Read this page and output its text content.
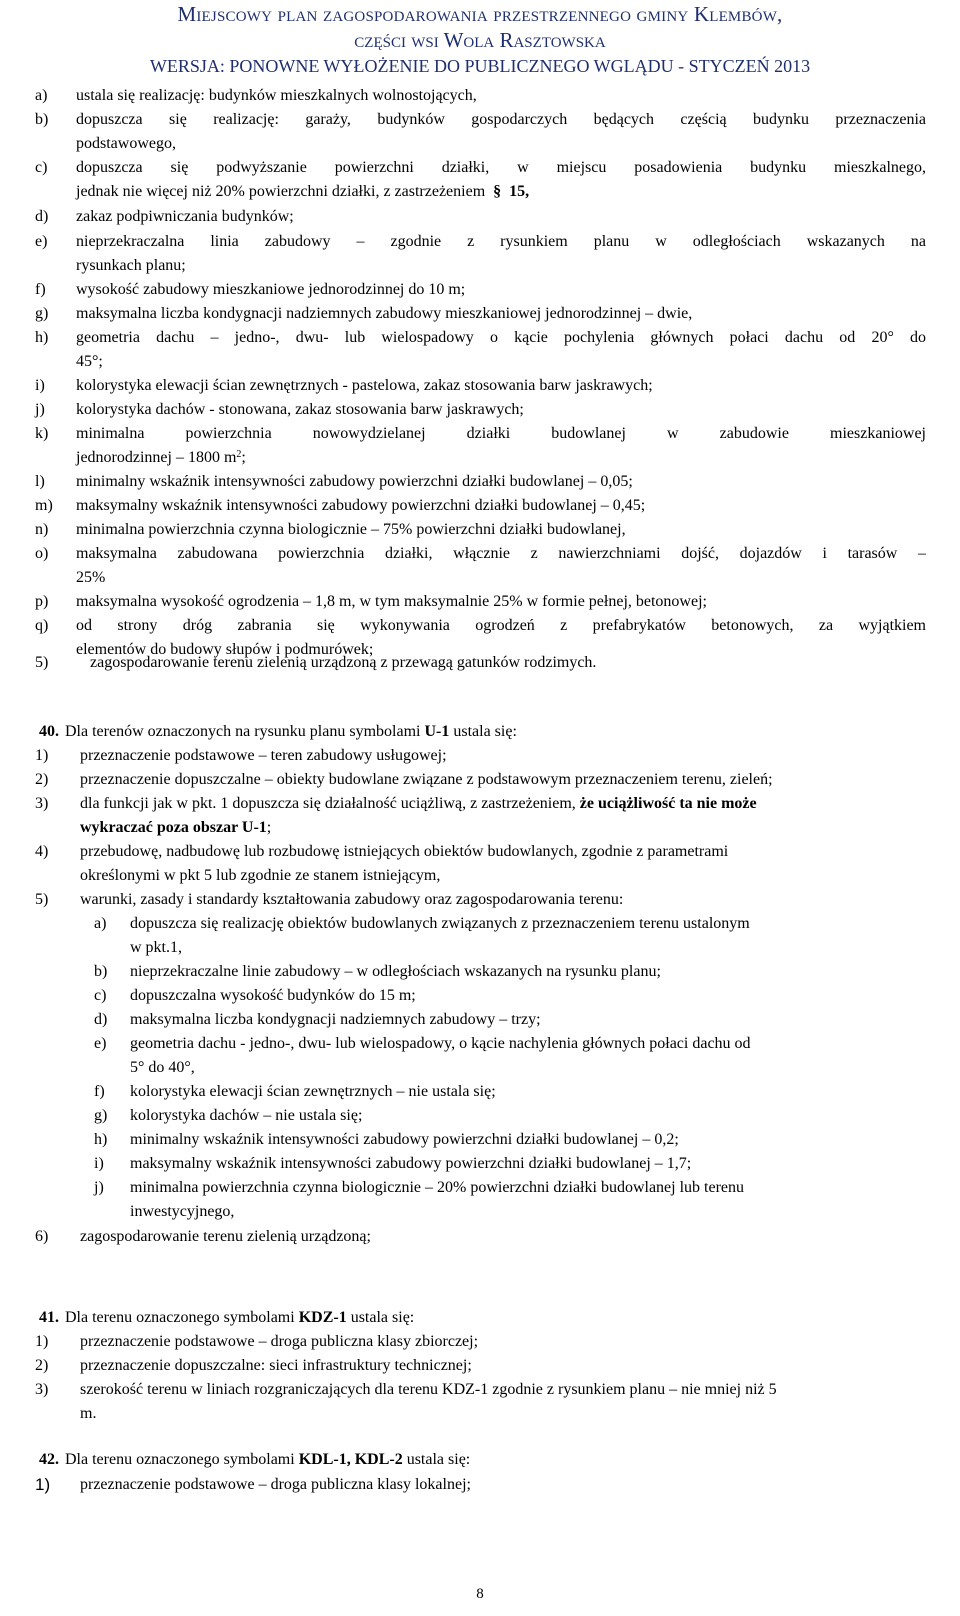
Miejscowy plan zagospodarowania przestrzennego gminy Klembów,
części wsi Wola Rasztowska
WERSJA: PONOWNE WYŁOŻENIE DO PUBLICZNEGO WGLĄDU - STYCZEŃ 2013
a) ustala się realizację: budynków mieszkalnych wolnostojących,
b) dopuszcza się realizację: garaży, budynków gospodarczych będących częścią budynku przeznaczenia
podstawowego,
c) dopuszcza się podwyższanie powierzchni działki, w miejscu posadowienia budynku mieszkalnego,
jednak nie więcej niż 20% powierzchni działki, z zastrzeżeniem § 15,
d) zakaz podpiwniczania budynków;
e) nieprzekraczalna linia zabudowy – zgodnie z rysunkiem planu w odległościach wskazanych na
rysunkach planu;
f) wysokość zabudowy mieszkaniowe jednorodzinnej do 10 m;
g) maksymalna liczba kondygnacji nadziemnych zabudowy mieszkaniowej jednorodzinnej – dwie,
h) geometria dachu – jedno-, dwu- lub wielospadowy o kącie pochylenia głównych połaci dachu od 20° do
45°;
i) kolorystyka elewacji ścian zewnętrznych - pastelowa, zakaz stosowania barw jaskrawych;
j) kolorystyka dachów - stonowana, zakaz stosowania barw jaskrawych;
k) minimalna powierzchnia nowowydzielanej działki budowlanej w zabudowie mieszkaniowej
jednorodzinnej – 1800 $m^2$;
l) minimalny wskaźnik intensywności zabudowy powierzchni działki budowlanej – 0,05;
m) maksymalny wskaźnik intensywności zabudowy powierzchni działki budowlanej – 0,45;
n) minimalna powierzchnia czynna biologicznie – 75% powierzchni działki budowlanej,
o) maksymalna zabudowana powierzchnia działki, włącznie z nawierzchniami dojść, dojazdów i tarasów –
25%
p) maksymalna wysokość ogrodzenia – 1,8 m, w tym maksymalnie 25% w formie pełnej, betonowej;
q) od strony dróg zabrania się wykonywania ogrodzeń z prefabrykatów betonowych, za wyjątkiem
elementów do budowy słupów i podmurówek;
5)	zagospodarowanie terenu zielenią urządzoną z przewagą gatunków rodzimych.
40. Dla terenów oznaczonych na rysunku planu symbolami U-1 ustala się:
1) przeznaczenie podstawowe – teren zabudowy usługowej;
2) przeznaczenie dopuszczalne – obiekty budowlane związane z podstawowym przeznaczeniem terenu, zieleń;
3) dla funkcji jak w pkt. 1 dopuszcza się działalność uciążliwą, z zastrzeżeniem, że uciążliwość ta nie może
wykraczać poza obszar U-1;
4) przebudowę, nadbudowę lub rozbudowę istniejących obiektów budowlanych, zgodnie z parametrami
określonymi w pkt 5 lub zgodnie ze stanem istniejącym,
5) warunki, zasady i standardy kształtowania zabudowy oraz zagospodarowania terenu:
a) dopuszcza się realizację obiektów budowlanych związanych z przeznaczeniem terenu ustalonym
w pkt.1,
b) nieprzekraczalne linie zabudowy – w odległościach wskazanych na rysunku planu;
c) dopuszczalna wysokość budynków do 15 m;
d) maksymalna liczba kondygnacji nadziemnych zabudowy – trzy;
e) geometria dachu - jedno-, dwu- lub wielospadowy, o kącie nachylenia głównych połaci dachu od
5° do 40°,
f) kolorystyka elewacji ścian zewnętrznych – nie ustala się;
g) kolorystyka dachów – nie ustala się;
h) minimalny wskaźnik intensywności zabudowy powierzchni działki budowlanej – 0,2;
i) maksymalny wskaźnik intensywności zabudowy powierzchni działki budowlanej – 1,7;
j) minimalna powierzchnia czynna biologicznie – 20% powierzchni działki budowlanej lub terenu
inwestycyjnego,
6) zagospodarowanie terenu zielenią urządzoną;
41. Dla terenu oznaczonego symbolami KDZ-1 ustala się:
1) przeznaczenie podstawowe – droga publiczna klasy zbiorczej;
2) przeznaczenie dopuszczalne: sieci infrastruktury technicznej;
3) szerokość terenu w liniach rozgraniczających dla terenu KDZ-1 zgodnie z rysunkiem planu – nie mniej niż 5
m.
42. Dla terenu oznaczonego symbolami KDL-1, KDL-2 ustala się:
1) przeznaczenie podstawowe – droga publiczna klasy lokalnej;
8
